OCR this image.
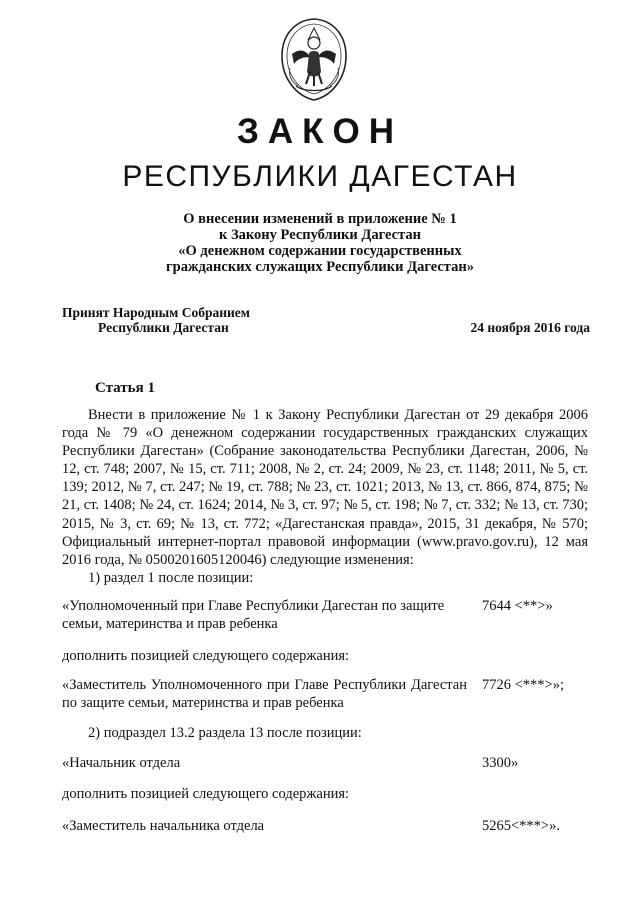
ЗАКОН
РЕСПУБЛИКИ ДАГЕСТАН
О внесении изменений в приложение № 1
к Закону Республики Дагестан
«О денежном содержании государственных
гражданских служащих Республики Дагестан»
Принят Народным Собранием
Республики Дагестан	24 ноября 2016 года
Статья 1
Внести в приложение № 1 к Закону Республики Дагестан от 29 декабря 2006 года № 79 «О денежном содержании государственных гражданских служащих Республики Дагестан» (Собрание законодательства Республики Дагестан, 2006, № 12, ст. 748; 2007, № 15, ст. 711; 2008, № 2, ст. 24; 2009, № 23, ст. 1148; 2011, № 5, ст. 139; 2012, № 7, ст. 247; № 19, ст. 788; № 23, ст. 1021; 2013, № 13, ст. 866, 874, 875; № 21, ст. 1408; № 24, ст. 1624; 2014, № 3, ст. 97; № 5, ст. 198; № 7, ст. 332; № 13, ст. 730; 2015, № 3, ст. 69; № 13, ст. 772; «Дагестанская правда», 2015, 31 декабря, № 570; Официальный интернет-портал правовой информации (www.pravo.gov.ru), 12 мая 2016 года, № 0500201605120046) следующие изменения:
1) раздел 1 после позиции:
«Уполномоченный при Главе Республики Дагестан по защите семьи, материнства и прав ребенка
7644 <**>»
дополнить позицией следующего содержания:
«Заместитель Уполномоченного при Главе Республики Дагестан по защите семьи, материнства и прав ребенка
7726 <***>»;
2) подраздел 13.2 раздела 13 после позиции:
«Начальник отдела	3300»
дополнить позицией следующего содержания:
«Заместитель начальника отдела	5265<***>».
